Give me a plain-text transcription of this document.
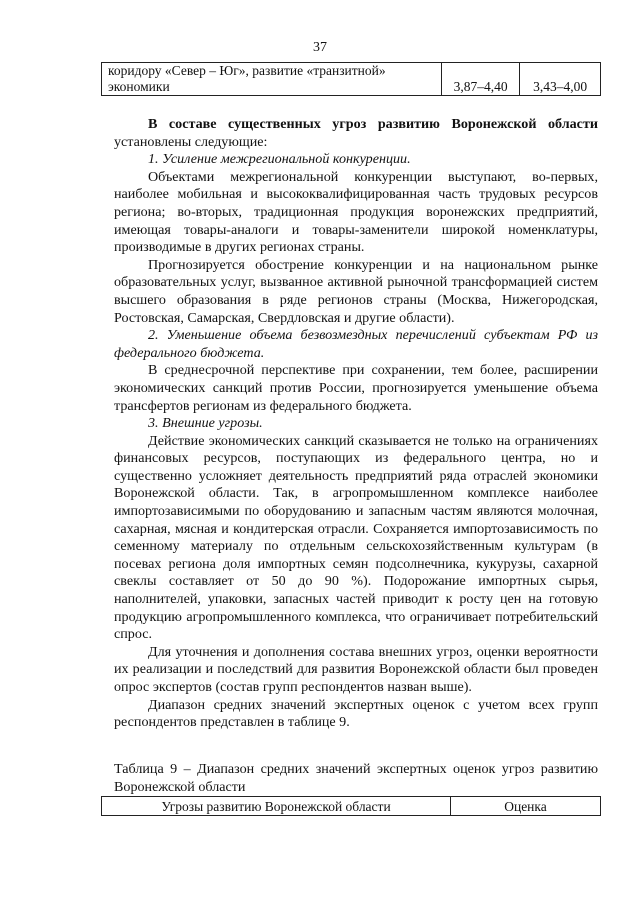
37
коридору «Север – Юг», развитие «транзитной»
экономики	3,87–4,40	3,43–4,00

В составе существенных угроз развитию Воронежской области установлены следующие:

1. Усиление межрегиональной конкуренции.

Объектами межрегиональной конкуренции выступают, во-первых, наиболее мобильная и высококвалифицированная часть трудовых ресурсов региона; во-вторых, традиционная продукция воронежских предприятий, имеющая товары-аналоги и товары-заменители широкой номенклатуры, производимые в других регионах страны.

Прогнозируется обострение конкуренции и на национальном рынке образовательных услуг, вызванное активной рыночной трансформацией систем высшего образования в ряде регионов страны (Москва, Нижегородская, Ростовская, Самарская, Свердловская и другие области).

2. Уменьшение объема безвозмездных перечислений субъектам РФ из федерального бюджета.

В среднесрочной перспективе при сохранении, тем более, расширении экономических санкций против России, прогнозируется уменьшение объема трансфертов регионам из федерального бюджета.

3. Внешние угрозы.

Действие экономических санкций сказывается не только на ограничениях финансовых ресурсов, поступающих из федерального центра, но и существенно усложняет деятельность предприятий ряда отраслей экономики Воронежской области. Так, в агропромышленном комплексе наиболее импортозависимыми по оборудованию и запасным частям являются молочная, сахарная, мясная и кондитерская отрасли. Сохраняется импортозависимость по семенному материалу по отдельным сельскохозяйственным культурам (в посевах региона доля импортных семян подсолнечника, кукурузы, сахарной свеклы составляет от 50 до 90 %). Подорожание импортных сырья, наполнителей, упаковки, запасных частей приводит к росту цен на готовую продукцию агропромышленного комплекса, что ограничивает потребительский спрос.

Для уточнения и дополнения состава внешних угроз, оценки вероятности их реализации и последствий для развития Воронежской области был проведен опрос экспертов (состав групп респондентов назван выше).

Диапазон средних значений экспертных оценок с учетом всех групп респондентов представлен в таблице 9.

Таблица 9 – Диапазон средних значений экспертных оценок угроз развитию Воронежской области
Угрозы развитию Воронежской области	Оценка
